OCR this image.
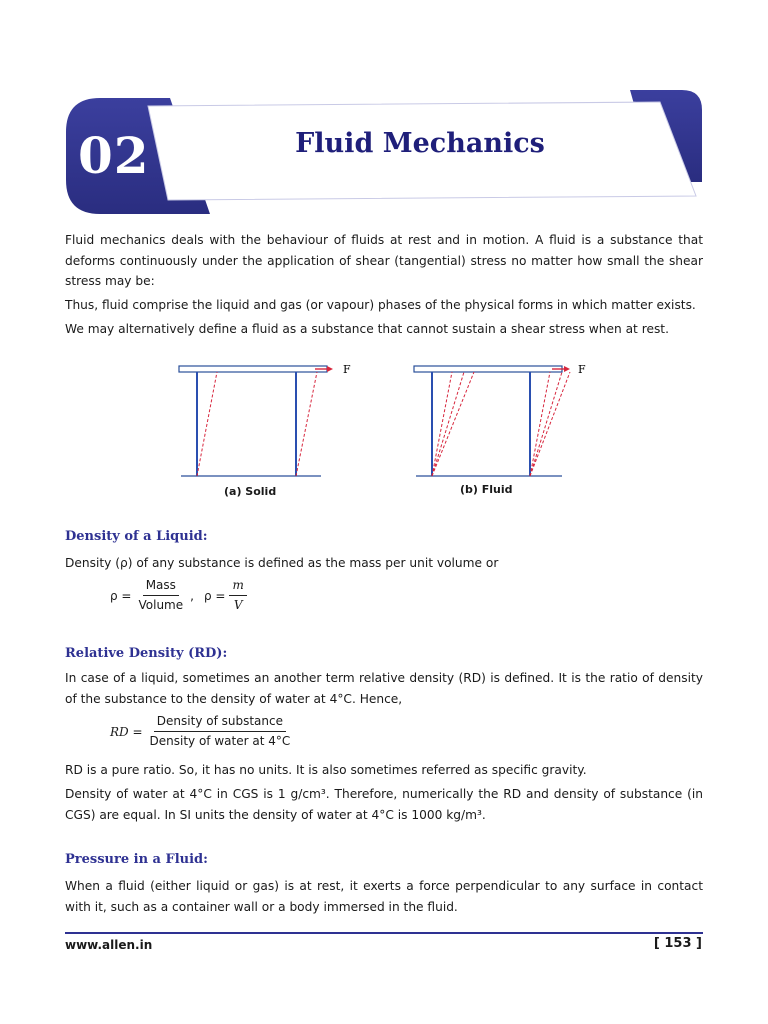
02	Fluid Mechanics

Fluid mechanics deals with the behaviour of fluids at rest and in motion. A fluid is a substance that deforms continuously under the application of shear (tangential) stress no matter how small the shear stress may be:

Thus, fluid comprise the liquid and gas (or vapour) phases of the physical forms in which matter exists.

We may alternatively define a fluid as a substance that cannot sustain a shear stress when at rest.

F
(a) Solid
F
(b) Fluid
Density of a Liquid:

Density (ρ) of any substance is defined as the mass per unit volume or

$\rho = \frac{\text{Mass}}{\text{Volume}}$ , $\rho = \frac{m}{V}$
Relative Density (RD):

In case of a liquid, sometimes an another term relative density (RD) is defined. It is the ratio of density of the substance to the density of water at 4°C. Hence,

RD = $\frac{\text{Density of substance}}{\text{Density of water at 4°C}}$

RD is a pure ratio. So, it has no units. It is also sometimes referred as specific gravity.

Density of water at 4°C in CGS is 1 g/cm³. Therefore, numerically the RD and density of substance (in CGS) are equal. In SI units the density of water at 4°C is 1000 kg/m³.

Pressure in a Fluid:

When a fluid (either liquid or gas) is at rest, it exerts a force perpendicular to any surface in contact with it, such as a container wall or a body immersed in the fluid.

www.allen.in	[ 153 ]
